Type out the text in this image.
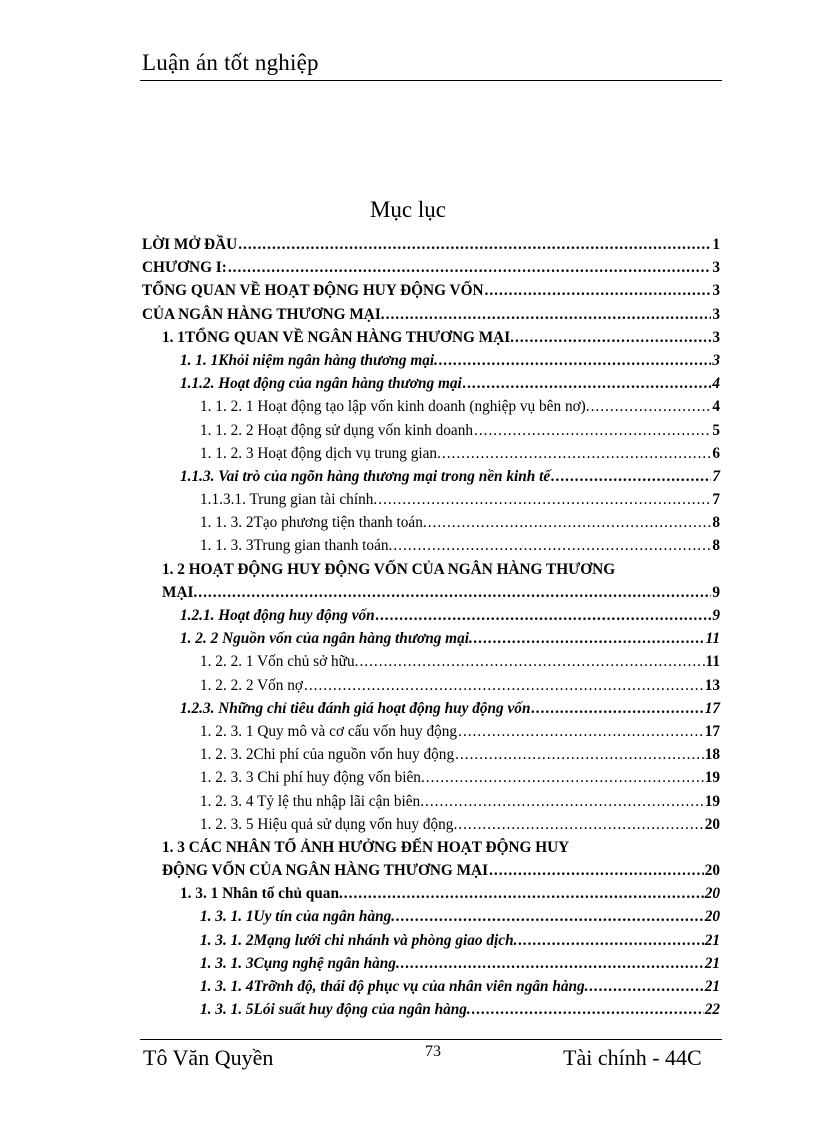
Luận án tốt nghiệp
Mục lục
LỜI MỞ ĐẦU .....	1
CHƯƠNG I: .....	3
TỔNG QUAN VỀ HOẠT ĐỘNG HUY ĐỘNG VỐN .....	3
CỦA NGÂN HÀNG THƯƠNG MẠI. .....	3
1. 1TỔNG QUAN VỀ NGÂN HÀNG THƯƠNG MẠI. .....	3
1. 1. 1Khỏi niệm ngân hàng thương mại. .....	3
1.1.2. Hoạt động của ngân hàng thương mại .....	4
1. 1. 2. 1 Hoạt động tạo lập vốn kinh doanh (nghiệp vụ bên nơ). .....	4
1. 1. 2. 2 Hoạt động sử dụng vốn kinh doanh .....	5
1. 1. 2. 3 Hoạt động dịch vụ trung gian. .....	6
1.1.3. Vai trò của ngõn hàng thương mại trong nền kinh tế .....	7
1.1.3.1. Trung gian tài chính. .....	7
1. 1. 3. 2Tạo phương tiện thanh toán. .....	8
1. 1. 3. 3Trung gian thanh toán. .....	8
1. 2 HOẠT ĐỘNG HUY ĐỘNG VỐN CỦA NGÂN HÀNG THƯƠNG
MẠI. .....	9
1.2.1. Hoạt động huy động vốn .....	9
1. 2. 2 Nguồn vốn của ngân hàng thương mại. .....	11
1. 2. 2. 1 Vốn chủ sở hữu. .....	11
1. 2. 2. 2 Vốn nợ .....	13
1.2.3. Những chỉ tiêu đánh giá hoạt động huy động vốn .....	17
1. 2. 3. 1 Quy mô và cơ cấu vốn huy động .....	17
1. 2. 3. 2Chi phí của nguồn vốn huy động .....	18
1. 2. 3. 3 Chi phí huy động vốn biên. .....	19
1. 2. 3. 4 Tỷ lệ thu nhập lãi cận biên. .....	19
1. 2. 3. 5 Hiệu quả sử dụng vốn huy động. .....	20
1. 3 CÁC NHÂN TỐ ẢNH HƯỞNG ĐẾN HOẠT ĐỘNG HUY
ĐỘNG VỐN CỦA NGÂN HÀNG THƯƠNG MẠI .....	20
1. 3. 1 Nhân tố chủ quan. .....	20
1. 3. 1. 1Uy tín của ngân hàng. .....	20
1. 3. 1. 2Mạng lưới chi nhánh và phòng giao dịch. .....	21
1. 3. 1. 3Cụng nghệ ngân hàng. .....	21
1. 3. 1. 4Trỡnh độ, thái độ phục vụ của nhân viên ngân hàng. .....	21
1. 3. 1. 5Lói suất huy động của ngân hàng. .....	22
Tô Văn Quyền	73	Tài chính - 44C
